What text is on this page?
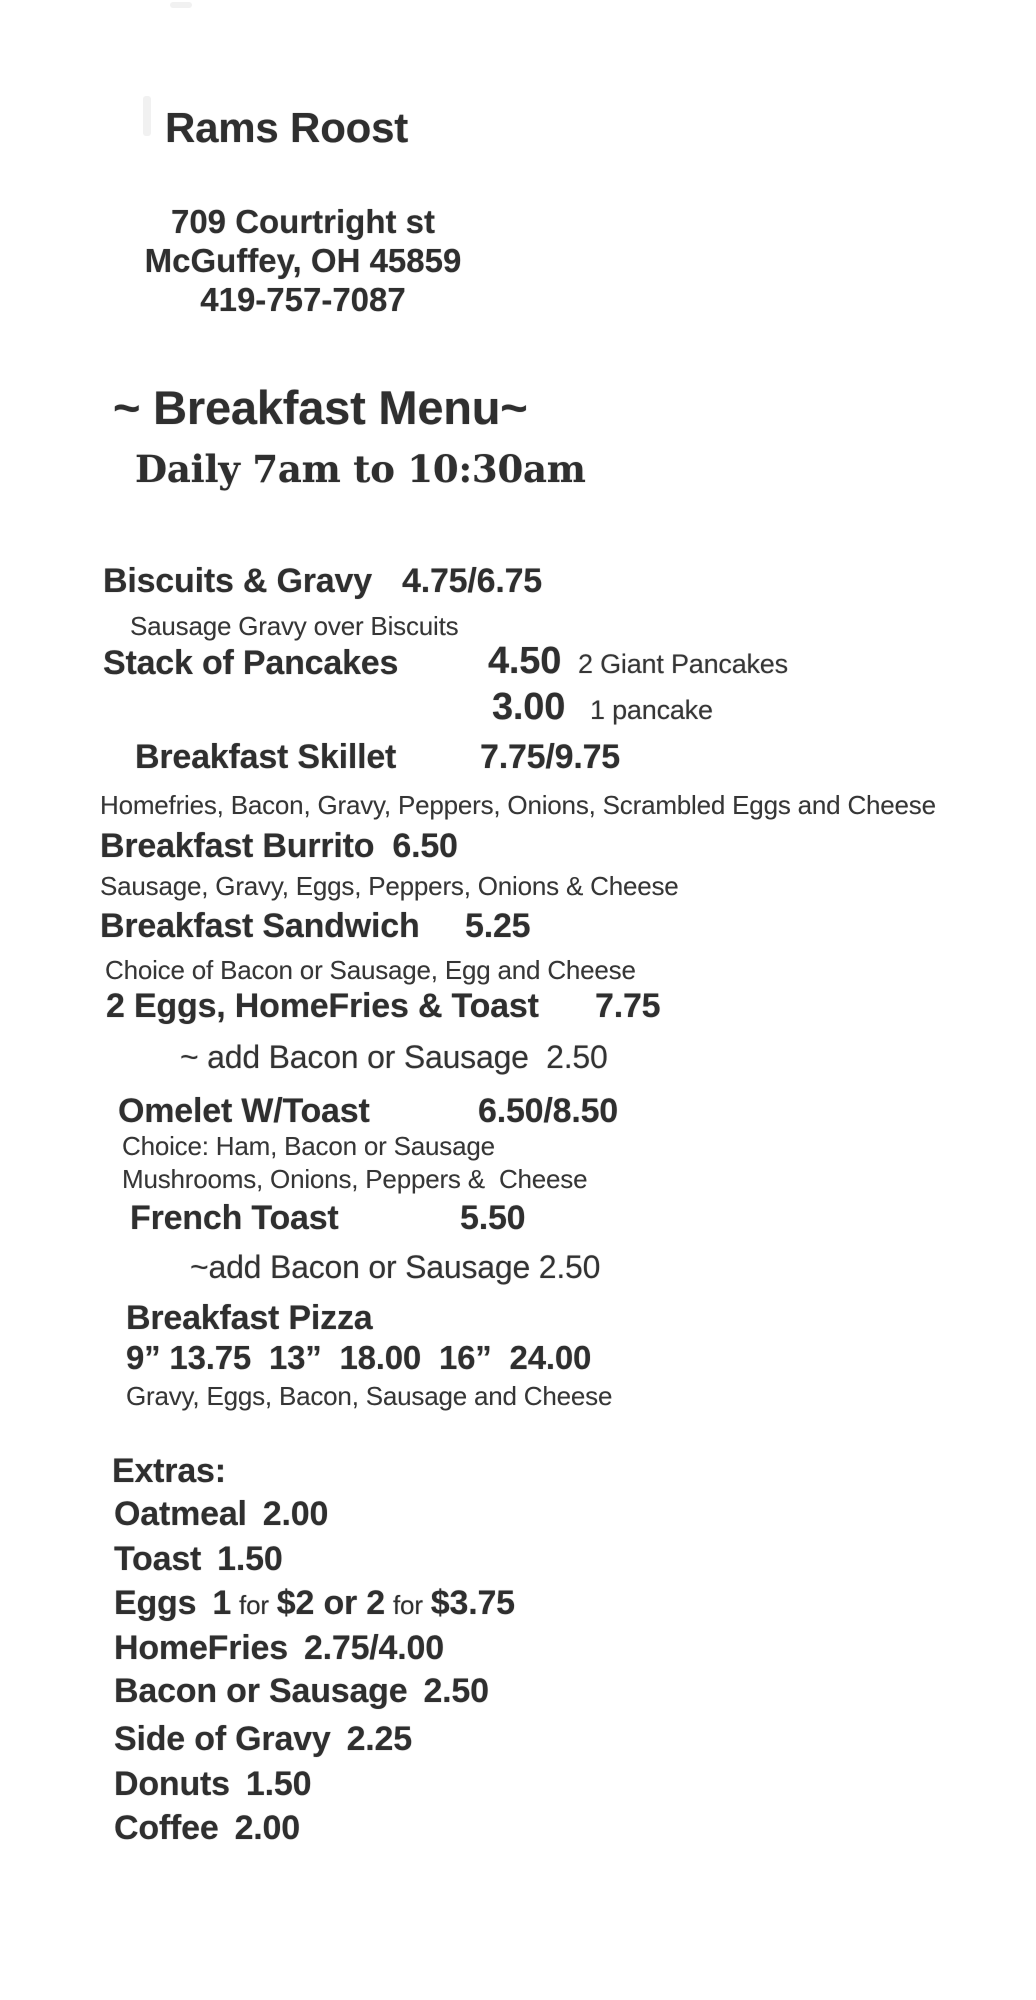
Rams Roost
709 Courtright st
McGuffey, OH 45859
419-757-7087
~ Breakfast Menu~
Daily 7am to 10:30am
Biscuits & Gravy 4.75/6.75
Sausage Gravy over Biscuits
Stack of Pancakes 4.50 2 Giant Pancakes
3.00 1 pancake
Breakfast Skillet 7.75/9.75
Homefries, Bacon, Gravy, Peppers, Onions, Scrambled Eggs and Cheese
Breakfast Burrito 6.50
Sausage, Gravy, Eggs, Peppers, Onions & Cheese
Breakfast Sandwich 5.25
Choice of Bacon or Sausage, Egg and Cheese
2 Eggs, HomeFries & Toast 7.75
~ add Bacon or Sausage  2.50
Omelet W/Toast	6.50/8.50
Choice: Ham, Bacon or Sausage
Mushrooms, Onions, Peppers &  Cheese
French Toast	5.50
~add Bacon or Sausage 2.50
Breakfast Pizza
9” 13.75  13”  18.00  16”  24.00
Gravy, Eggs, Bacon, Sausage and Cheese
Extras:
Oatmeal 2.00
Toast 1.50
Eggs 1 for $2 or 2 for $3.75
HomeFries 2.75/4.00
Bacon or Sausage 2.50
Side of Gravy 2.25
Donuts 1.50
Coffee 2.00
